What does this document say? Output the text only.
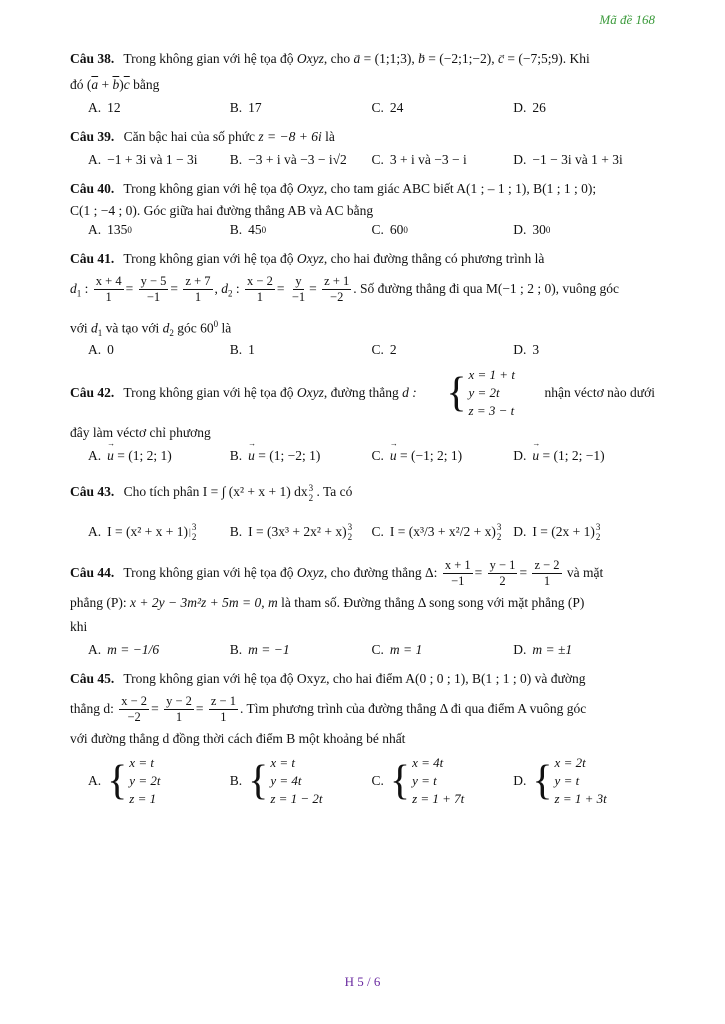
Mã đề 168
Câu 38. Trong không gian với hệ tọa độ Oxyz, cho → a = (1;1;3), → b = (−2;1;−2), → c = (−7;5;9). Khi
đó $(\overline{a} + \overline{b})\overline{c}$ bằng
A. 12	B. 17	C. 24	D. 26
Câu 39. Căn bậc hai của số phức z = −8 + 6i là
A. −1 + 3i và 1 − 3i B. −3 + i và −3 − i√2 C. 3 + i và −3 − i	D. −1 − 3i và 1 + 3i
Câu 40. Trong không gian với hệ tọa độ Oxyz, cho tam giác ABC biết A(1 ; – 1 ; 1), B(1 ; 1 ; 0);
C(1 ; −4 ; 0). Góc giữa hai đường thẳng AB và AC bằng
A. 135 0	B. 45 0	C. 60 0	D. 30 0
Câu 41. Trong không gian với hệ tọa độ Oxyz, cho hai đường thẳng có phương trình là
$d_1$ : $\frac{x + 4}{1} = \frac{y - 5}{-1} = \frac{z + 7}{1}$ , $d_2$ : $\frac{x - 2}{1} = \frac{y}{-1} = \frac{z + 1}{-2}$ . Số đường thẳng đi qua M(−1 ; 2 ; 0), vuông góc
với $d_1$ và tạo với $d_2$ góc $60^0$ là
A. 0	B. 1	C. 2	D. 3
Câu 42. Trong không gian với hệ tọa độ Oxyz, đường thẳng d : { x = 1 + t
y = 2t
z = 3 − t
nhận véctơ nào dưới
đây làm véctơ chỉ phương
A. → u
= (1; 2; 1)	B. → u
= (1; −2; 1)	C. → u
= (−1; 2; 1)	D. → u
= (1; 2; −1)
Câu 43. Cho tích phân I = ∫ (x² + x + 1) dx 3
2 . Ta có
A. I = (x² + x + 1) | 3
2 B. I = (3x³ + 2x² + x) 3
2 C. I = (x³/3 + x²/2 + x) 3
2 D. I = (2x + 1) 3
2
Câu 44. Trong không gian với hệ tọa độ Oxyz, cho đường thẳng Δ: $\frac{x + 1}{-1} = \frac{y - 1}{2} = \frac{z - 2}{1}$ và mặt
phẳng (P): x + 2y − 3m²z + 5m = 0, m là tham số. Đường thẳng Δ song song với mặt phẳng (P)
khi
A. m = −1/6	B. m = −1	C. m = 1	D. m = ±1
Câu 45. Trong không gian với hệ tọa độ Oxyz, cho hai điểm A(0 ; 0 ; 1), B(1 ; 1 ; 0) và đường
thẳng d: $\frac{x - 2}{-2} = \frac{y - 2}{1} = \frac{z - 1}{1}$ . Tìm phương trình của đường thẳng Δ đi qua điểm A vuông góc
với đường thẳng d đồng thời cách điểm B một khoảng bé nhất
A. { x = t
y = 2t
z = 1
B. { x = t
y = 4t
z = 1 − 2t
C. { x = 4t
y = t
z = 1 + 7t
D. { x = 2t
y = t
z = 1 + 3t
H 5 / 6
